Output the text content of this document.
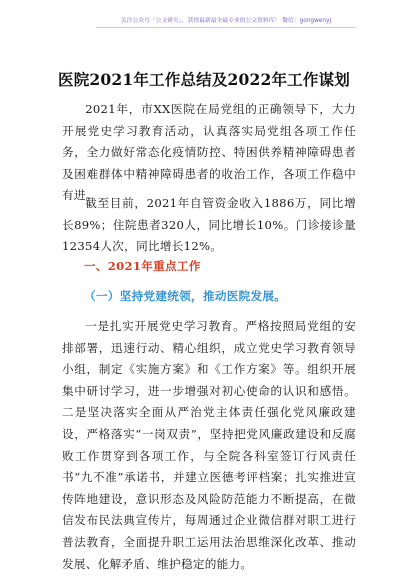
关注公众号「公文研究」，获得最新最全最专业的公文资料库！ 微信：gongwenyj
医院2021年工作总结及2022年工作谋划

2021年，市XX医院在局党组的正确领导下，大力开展党史学习教育活动，认真落实局党组各项工作任务，全力做好常态化疫情防控、特困供养精神障碍患者及困难群体中精神障碍患者的收治工作，各项工作稳中有进。

截至目前，2021年自管资金收入1886万，同比增长89%；住院患者320人，同比增长10%。门诊接诊量12354人次，同比增长12%。

一、2021年重点工作
（一）坚持党建统领，推动医院发展。

一是扎实开展党史学习教育。严格按照局党组的安排部署，迅速行动、精心组织，成立党史学习教育领导小组，制定《实施方案》和《工作方案》等。组织开展集中研讨学习，进一步增强对初心使命的认识和感悟。二是坚决落实全面从严治党主体责任强化党风廉政建设，严格落实“一岗双责”，坚持把党风廉政建设和反腐败工作贯穿到各项工作，与全院各科室签订行风责任书“九不准”承诺书，并建立医德考评档案；扎实推进宣传阵地建设，意识形态及风险防范能力不断提高，在微信发布民法典宣传片，每周通过企业微信群对职工进行普法教育，全面提升职工运用法治思维深化改革、推动发展、化解矛盾、维护稳定的能力。
